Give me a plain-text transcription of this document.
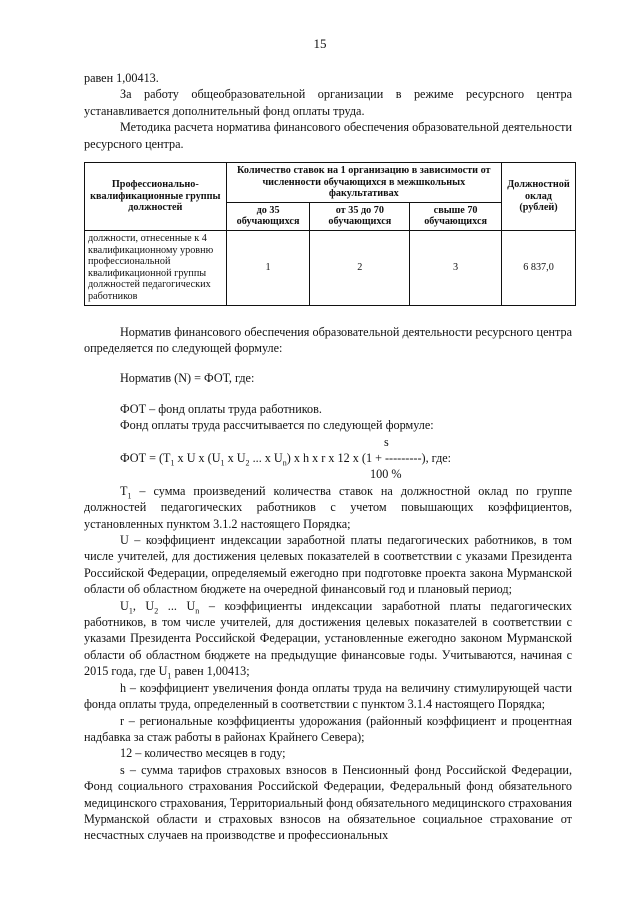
15

равен 1,00413.

За работу общеобразовательной организации в режиме ресурсного центра устанавливается дополнительный фонд оплаты труда.

Методика расчета норматива финансового обеспечения образовательной деятельности ресурсного центра.

Профессионально-квалификационные группы должностей	Количество ставок на 1 организацию в зависимости от численности обучающихся в межшкольных факультативах			Должностной оклад (рублей)
	до 35 обучающихся	от 35 до 70 обучающихся	свыше 70 обучающихся	
должности, отнесенные к 4 квалификационному уровню профессиональной квалификационной группы должностей педагогических работников	1	2	3	6 837,0

Норматив финансового обеспечения образовательной деятельности ресурсного центра определяется по следующей формуле:

Норматив (N) = ФОТ, где:

ФОТ – фонд оплаты труда работников.

Фонд оплаты труда рассчитывается по следующей формуле:

s

ФОТ = ($Т_1$ х U х ($U_1$ х $U_2$ ... х $U_n$) х h х r х 12 х (1 + ---------), где:

100 %

$Т_1$ – сумма произведений количества ставок на должностной оклад по группе должностей педагогических работников с учетом повышающих коэффициентов, установленных пунктом 3.1.2 настоящего Порядка;

U – коэффициент индексации заработной платы педагогических работников, в том числе учителей, для достижения целевых показателей в соответствии с указами Президента Российской Федерации, определяемый ежегодно при подготовке проекта закона Мурманской области об областном бюджете на очередной финансовый год и плановый период;

$U_1$, $U_2$ ... $U_n$ – коэффициенты индексации заработной платы педагогических работников, в том числе учителей, для достижения целевых показателей в соответствии с указами Президента Российской Федерации, установленные ежегодно законом Мурманской области об областном бюджете на предыдущие финансовые годы. Учитываются, начиная с 2015 года, где $U_1$ равен 1,00413;

h – коэффициент увеличения фонда оплаты труда на величину стимулирующей части фонда оплаты труда, определенный в соответствии с пунктом 3.1.4 настоящего Порядка;

r – региональные коэффициенты удорожания (районный коэффициент и процентная надбавка за стаж работы в районах Крайнего Севера);

12 – количество месяцев в году;

s – сумма тарифов страховых взносов в Пенсионный фонд Российской Федерации, Фонд социального страхования Российской Федерации, Федеральный фонд обязательного медицинского страхования, Территориальный фонд обязательного медицинского страхования Мурманской области и страховых взносов на обязательное социальное страхование от несчастных случаев на производстве и профессиональных
